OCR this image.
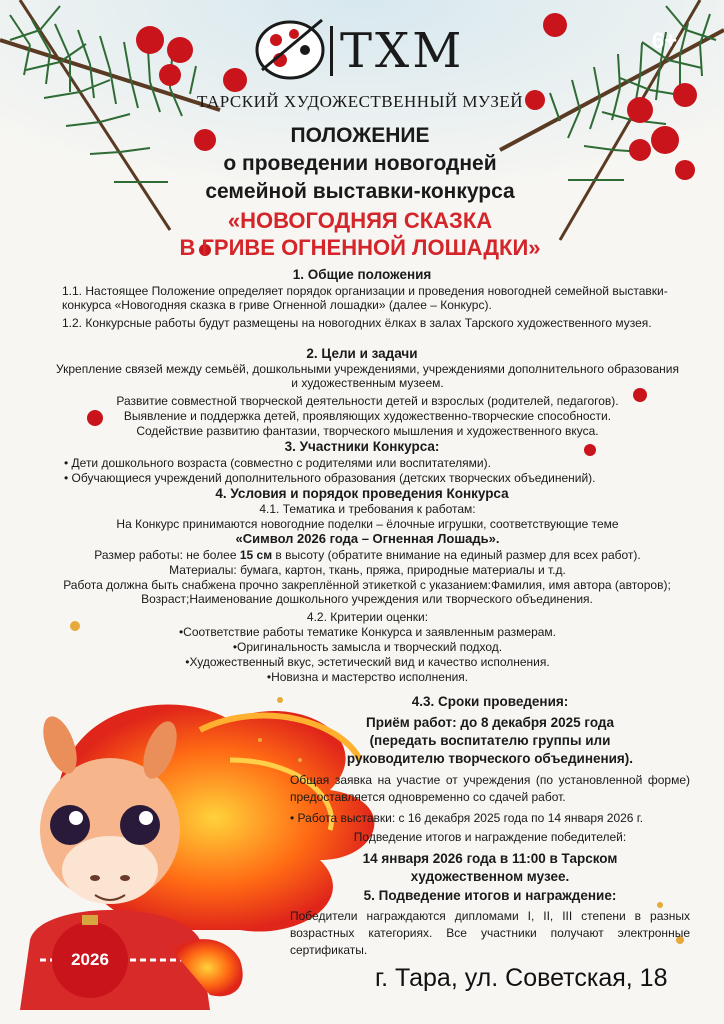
ТХМ
ТАРСКИЙ ХУДОЖЕСТВЕННЫЙ МУЗЕЙ
6+
ПОЛОЖЕНИЕ
о проведении новогодней
семейной выставки-конкурса
«НОВОГОДНЯЯ СКАЗКА
В ГРИВЕ ОГНЕННОЙ ЛОШАДКИ»
1. Общие положения
1.1. Настоящее Положение определяет порядок организации и проведения новогодней семейной выставки-конкурса «Новогодняя сказка в гриве Огненной лошадки» (далее – Конкурс).
1.2. Конкурсные работы будут размещены на новогодних ёлках в залах Тарского художественного музея.
2. Цели и задачи
Укрепление связей между семьёй, дошкольными учреждениями, учреждениями дополнительного образования и художественным музеем.
Развитие совместной творческой деятельности детей и взрослых (родителей, педагогов).
Выявление и поддержка детей, проявляющих художественно-творческие способности.
Содействие развитию фантазии, творческого мышления и художественного вкуса.
3. Участники Конкурса:
• Дети дошкольного возраста (совместно с родителями или воспитателями).
• Обучающиеся учреждений дополнительного образования (детских творческих объединений).
4. Условия и порядок проведения Конкурса
4.1. Тематика и требования к работам:
На Конкурс принимаются новогодние поделки – ёлочные игрушки, соответствующие теме
«Символ 2026 года – Огненная Лошадь».
Размер работы: не более 15 см в высоту (обратите внимание на единый размер для всех работ).
Материалы: бумага, картон, ткань, пряжа, природные материалы и т.д.
Работа должна быть снабжена прочно закреплённой этикеткой с указанием:Фамилия, имя автора (авторов); Возраст;Наименование дошкольного учреждения или творческого объединения.
4.2. Критерии оценки:
•Соответствие работы тематике Конкурса и заявленным размерам.
•Оригинальность замысла и творческий подход.
•Художественный вкус, эстетический вид и качество исполнения.
•Новизна и мастерство исполнения.
4.3. Сроки проведения:
Приём работ: до 8 декабря 2025 года
(передать воспитателю группы или
руководителю творческого объединения).
Общая заявка на участие от учреждения (по установленной форме) предоставляется одновременно со сдачей работ.
• Работа выставки: с 16 декабря 2025 года по 14 января 2026 г.
Подведение итогов и награждение победителей:
14 января 2026 года в 11:00 в Тарском
художественном музее.
5. Подведение итогов и награждение:
Победители награждаются дипломами I, II, III степени в разных возрастных категориях. Все участники получают электронные сертификаты.
2026
г. Тара, ул. Советская, 18
